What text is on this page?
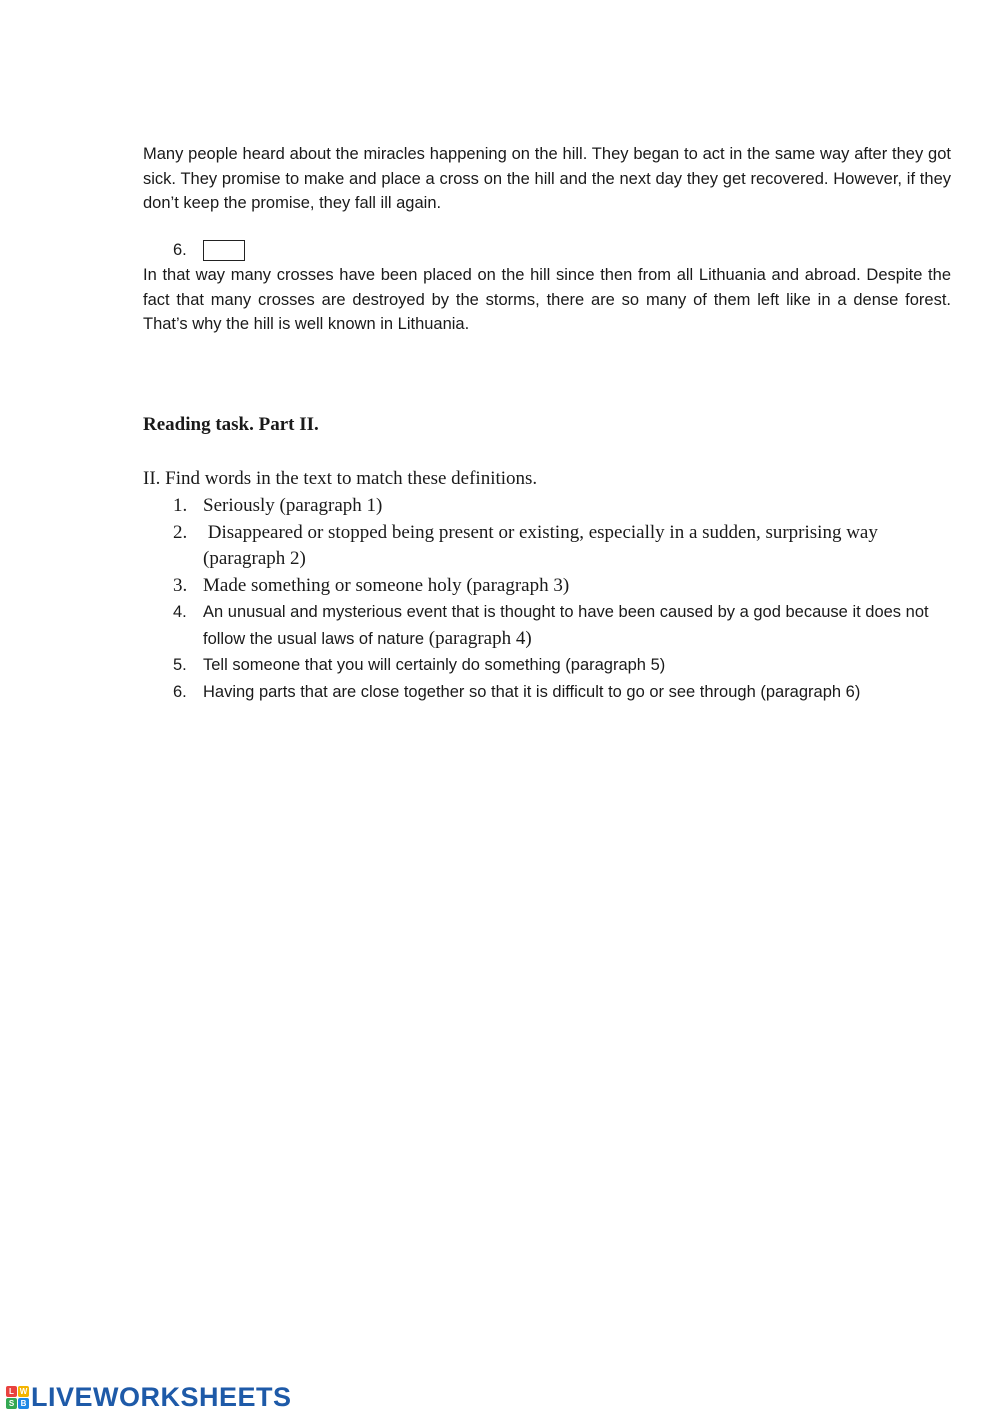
Many people heard about the miracles happening on the hill. They began to act in the same way after they got sick. They promise to make and place a cross on the hill and the next day they get recovered. However, if they don’t keep the promise, they fall ill again.

6.

In that way many crosses have been placed on the hill since then from all Lithuania and abroad. Despite the fact that many crosses are destroyed by the storms, there are so many of them left like in a dense forest. That’s why the hill is well known in Lithuania.

Reading task. Part II.

II. Find words in the text to match these definitions.

1. Seriously (paragraph 1)
2. Disappeared or stopped being present or existing, especially in a sudden, surprising way (paragraph 2)
3. Made something or someone holy (paragraph 3)
4. An unusual and mysterious event that is thought to have been caused by a god because it does not follow the usual laws of nature (paragraph 4)
5. Tell someone that you will certainly do something (paragraph 5)
6. Having parts that are close together so that it is difficult to go or see through (paragraph 6)
L W
S B LIVEWORKSHEETS
